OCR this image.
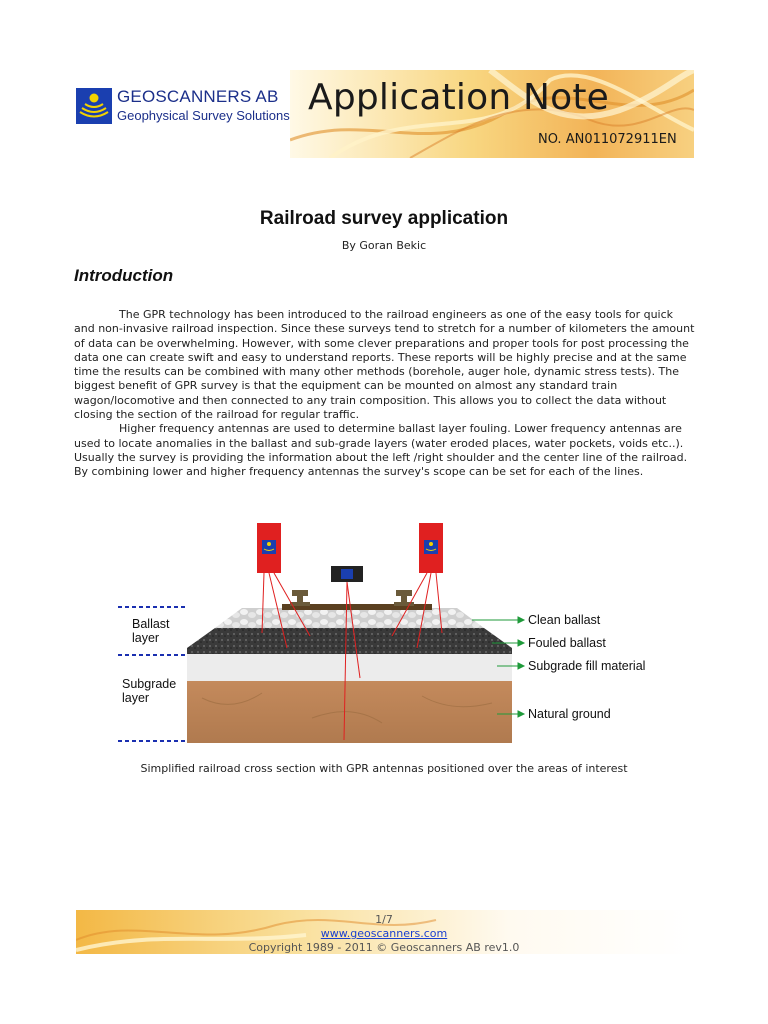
GEOSCANNERS AB
Geophysical Survey Solutions Application Note
NO. AN011072911EN
Railroad survey application
By Goran Bekic
Introduction

The GPR technology has been introduced to the railroad engineers as one of the easy tools for quick and non-invasive railroad inspection. Since these surveys tend to stretch for a number of kilometers the amount of data can be overwhelming. However, with some clever preparations and proper tools for post processing the data one can create swift and easy to understand reports. These reports will be highly precise and at the same time the results can be combined with many other methods (borehole, auger hole, dynamic stress tests). The biggest benefit of GPR survey is that the equipment can be mounted on almost any standard train wagon/locomotive and then connected to any train composition. This allows you to collect the data without closing the section of the railroad for regular traffic.

Higher frequency antennas are used to determine ballast layer fouling. Lower frequency antennas are used to locate anomalies in the ballast and sub-grade layers (water eroded places, water pockets, voids etc..). Usually the survey is providing the information about the left /right shoulder and the center line of the railroad. By combining lower and higher frequency antennas the survey's scope can be set for each of the lines.

Ballast
layer
Subgrade
layer
Clean ballast
Fouled ballast
Subgrade fill material
Natural ground
Simplified railroad cross section with GPR antennas positioned over the areas of interest
1/7
www.geoscanners.com
Copyright 1989 - 2011 © Geoscanners AB rev1.0
